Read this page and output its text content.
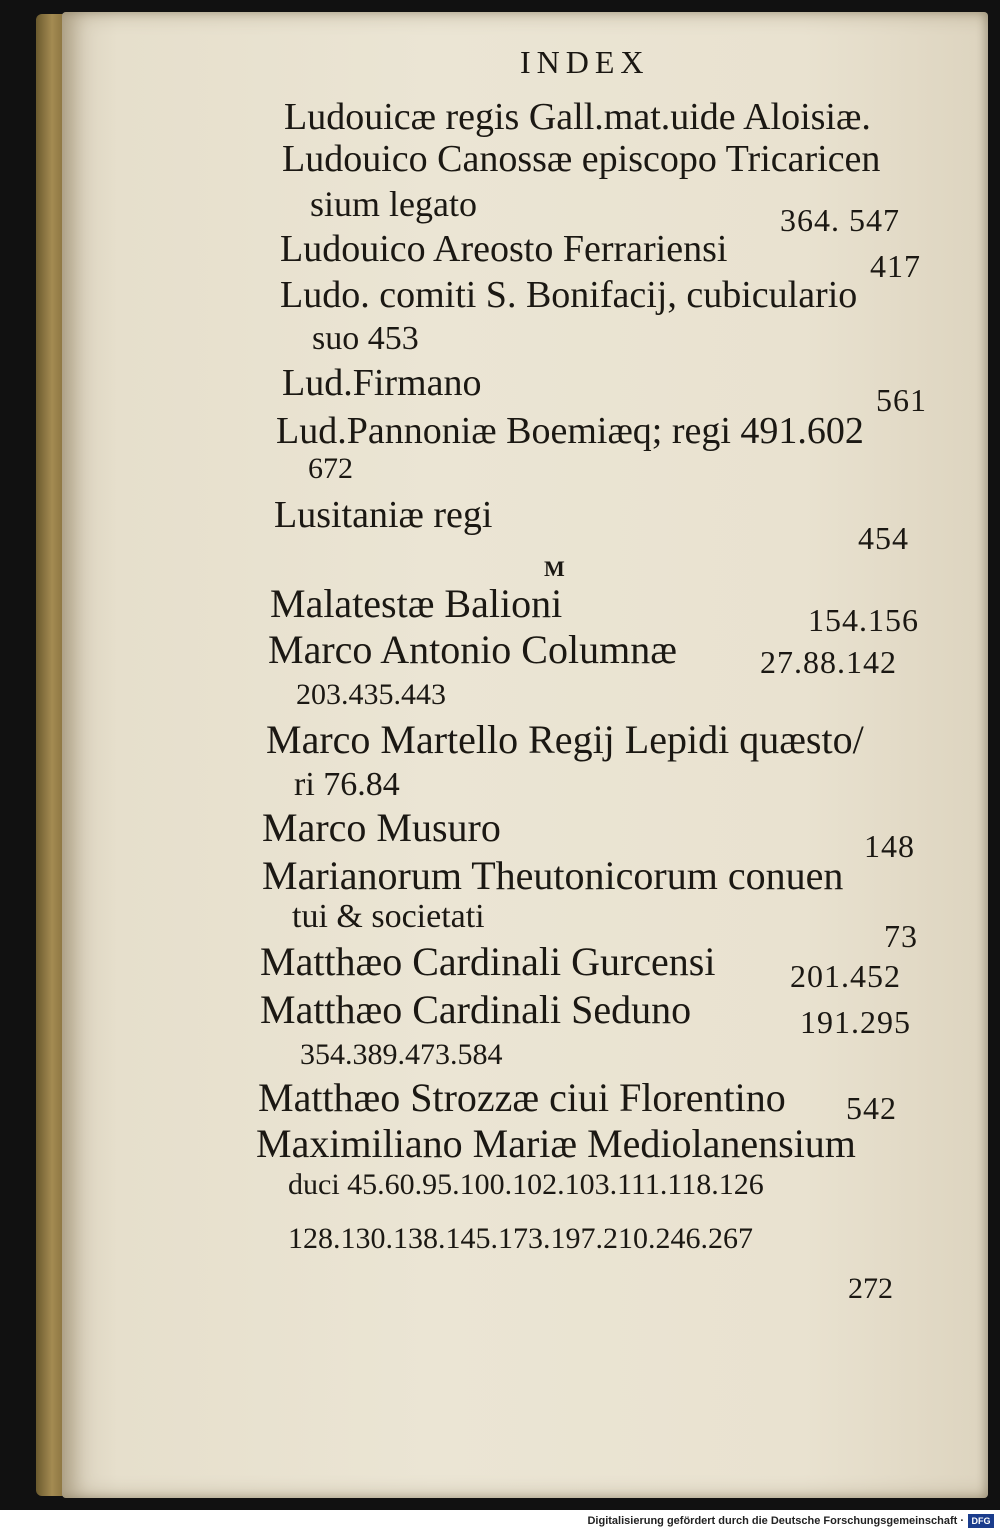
INDEX
Ludouicæ regis Gall.mat.uide Aloisiæ.
Ludouico Canossæ episcopo Tricaricen
sium legato	364. 547
Ludouico Areosto Ferrariensi	417
Ludo. comiti S. Bonifacij, cubiculario
suo 453
Lud.Firmano	561
Lud.Pannoniæ Boemiæq; regi 491.602
672
Lusitaniæ regi
454
M
Malatestæ Balioni	154.156
Marco Antonio Columnæ	27.88.142
203.435.443
Marco Martello Regij Lepidi quæsto/
ri 76.84
Marco Musuro	148
Marianorum Theutonicorum conuen
tui & societati
73
Matthæo Cardinali Gurcensi 201.452
Matthæo Cardinali Seduno	191.295
354.389.473.584
Matthæo Strozzæ ciui Florentino 542
Maximiliano Mariæ Mediolanensium
duci 45.60.95.100.102.103.111.118.126
128.130.138.145.173.197.210.246.267
272
Digitalisierung gefördert durch die Deutsche Forschungsgemeinschaft · DFG
